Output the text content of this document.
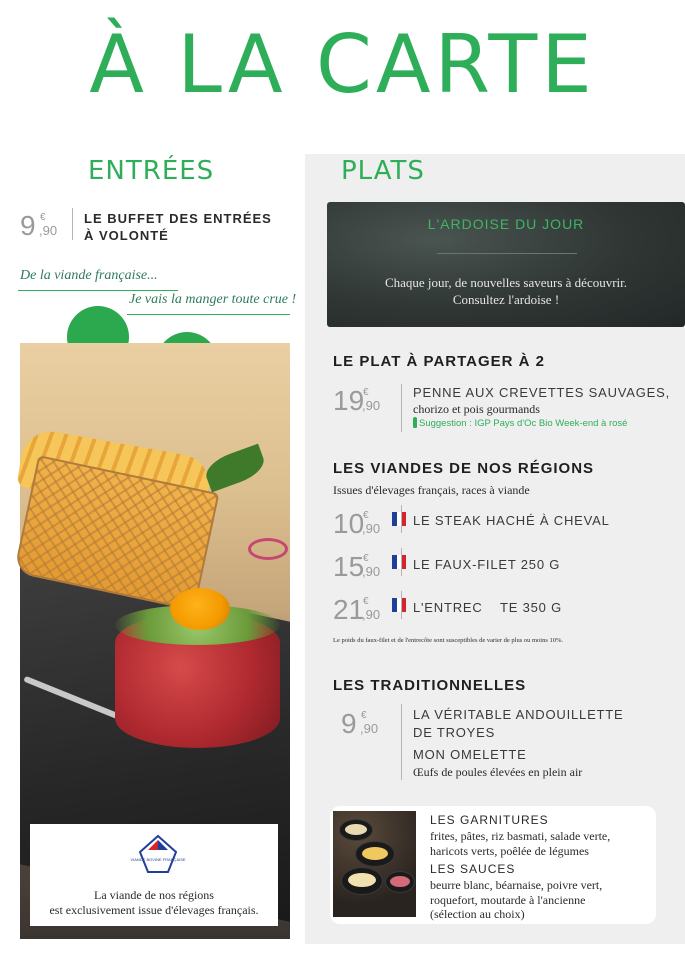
À LA CARTE
ENTRÉES
9 €
,90
LE BUFFET DES ENTRÉES
À VOLONTÉ
De la viande française...
Je vais la manger toute crue !
VIANDE BOVINE FRANÇAISE
La viande de nos régions
est exclusivement issue d'élevages français.
PLATS
L'ARDOISE DU JOUR
Chaque jour, de nouvelles saveurs à découvrir.
Consultez l'ardoise !
LE PLAT À PARTAGER À 2
19
€
,90
PENNE AUX CREVETTES SAUVAGES,
chorizo et pois gourmands
Suggestion : IGP Pays d'Oc Bio Week-end à rosé
LES VIANDES DE NOS RÉGIONS
Issues d'élevages français, races à viande
10
€
,90
LE STEAK HACHÉ À CHEVAL
15
€
,90	LE FAUX-FILET 250 G
21
€
,90	L'ENTREC    TE 350 G
Le poids du faux-filet et de l'entrecôte sont susceptibles de varier de plus ou moins 10%.
LES TRADITIONNELLES
9 €
,90
LA VÉRITABLE ANDOUILLETTE
DE TROYES
MON OMELETTE
Œufs de poules élevées en plein air
LES GARNITURES
frites, pâtes, riz basmati, salade verte,
haricots verts, poêlée de légumes
LES SAUCES
beurre blanc, béarnaise, poivre vert,
roquefort, moutarde à l'ancienne
(sélection au choix)
